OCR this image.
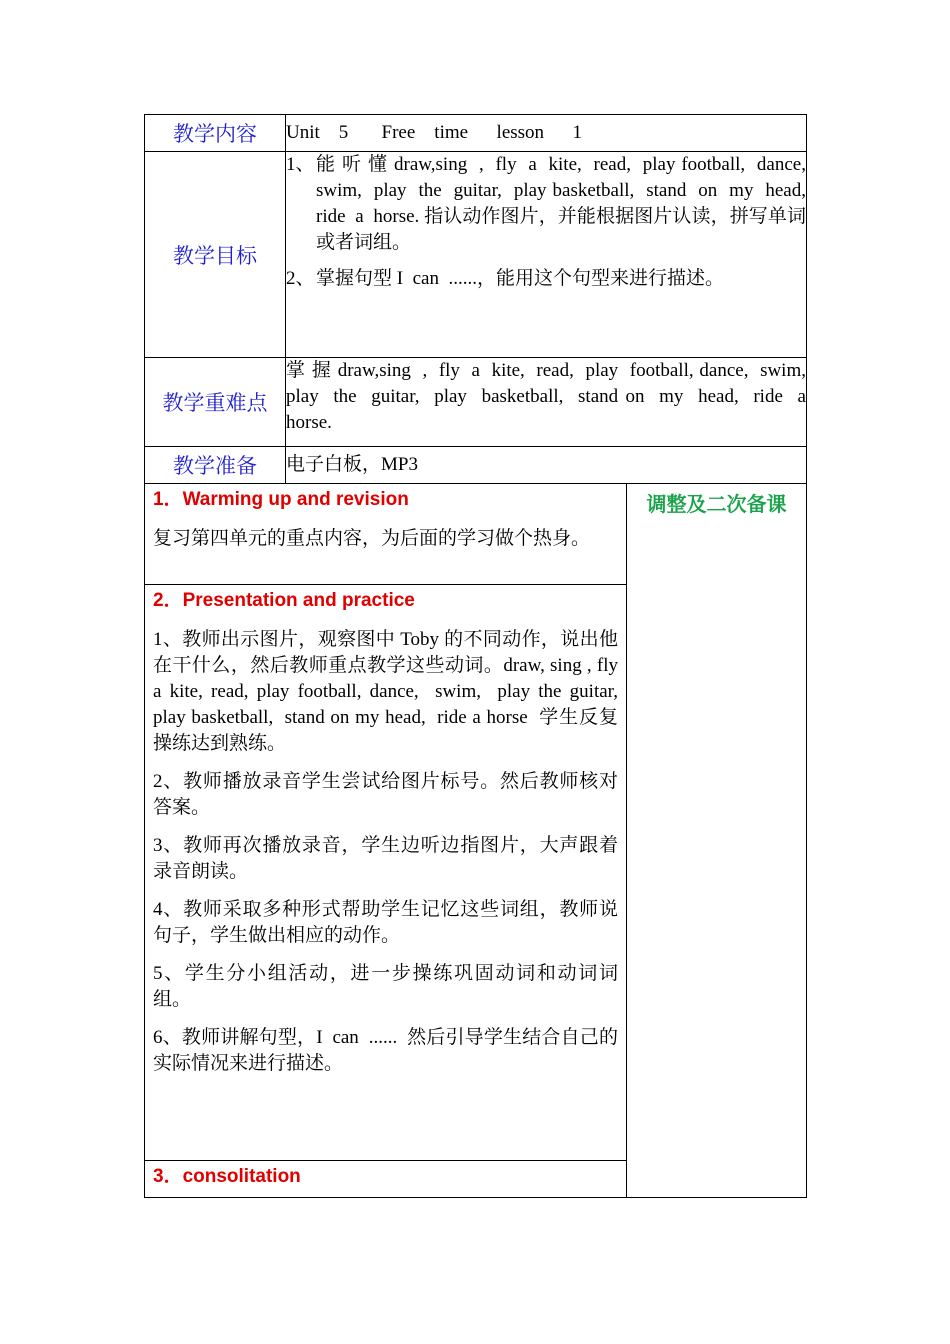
教学内容	Unit    5       Free    time      lesson      1	
教学目标	1、 能 听 懂 draw,sing  ,  fly  a  kite,  read,  play football,  dance,  swim,  play  the  guitar,  play basketball,  stand  on  my  head,  ride  a  horse. 指认动作图片，并能根据图片认读，拼写单词或者词组。
2、 掌握句型 I  can  ......，能用这个句型来进行描述。	

教学重难点	掌 握 draw,sing  ,  fly  a  kite,  read,  play  football, dance,  swim,  play  the  guitar,  play  basketball,  stand on  my  head,  ride  a  horse.	
教学准备	电子白板，MP3	

1．Warming up and revision
复习第四单元的重点内容，为后面的学习做个热身。
2．Presentation and practice
1、教师出示图片，观察图中 Toby 的不同动作，说出他在干什么，然后教师重点教学这些动词。draw, sing , fly a kite, read, play football, dance,  swim,  play the guitar,  play basketball,  stand on my head,  ride a horse  学生反复操练达到熟练。
2、教师播放录音学生尝试给图片标号。然后教师核对答案。
3、教师再次播放录音，学生边听边指图片，大声跟着录音朗读。
4、教师采取多种形式帮助学生记忆这些词组，教师说句子，学生做出相应的动作。
5、学生分小组活动，进一步操练巩固动词和动词词组。
6、教师讲解句型，I  can  ......  然后引导学生结合自己的实际情况来进行描述。
3．consolitation

调整及二次备课
